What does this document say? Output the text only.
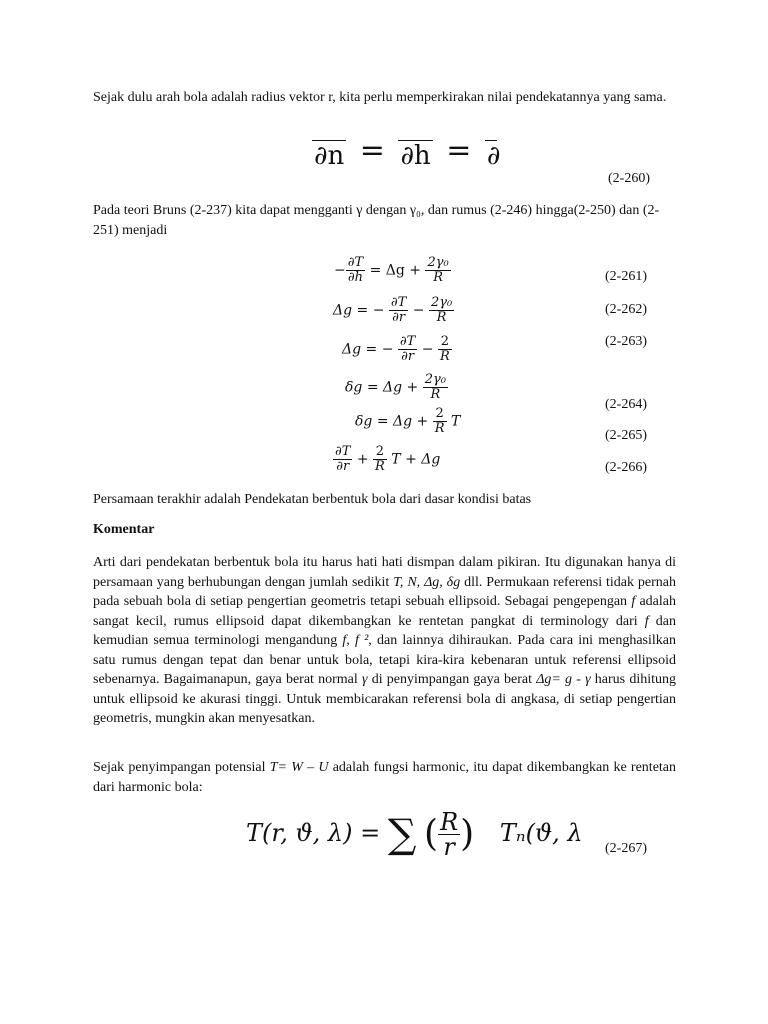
Sejak dulu arah bola adalah radius vektor r, kita perlu memperkirakan nilai pendekatannya yang sama.

∂n = ∂h = ∂
(2-260)

Pada teori Bruns (2-237) kita dapat mengganti γ dengan γ₀, dan rumus (2-246) hingga(2-250) dan (2-251) menjadi

− $\frac{\partial T}{\partial h} = \Delta g + \frac{\text{2γ₀}}{R}$	(2-261)
Δg = − $\frac{\partial T}{\partial r} - \frac{\text{2γ₀}}{R}$	(2-262)
Δg = − $\frac{\partial T}{\partial r} - \frac{2}{R}$	(2-263)
$\delta g = \Delta g + \frac{\text{2γ₀}}{R}$
(2-264)
$\delta g = \Delta g + \frac{2}{R}$ T
(2-265)
$\frac{\partial T}{\partial r} + \frac{2}{R}$ T + Δg	(2-266)

Persamaan terakhir adalah Pendekatan berbentuk bola dari dasar kondisi batas

Komentar

Arti dari pendekatan berbentuk bola itu harus hati hati dismpan dalam pikiran. Itu digunakan hanya di persamaan yang berhubungan dengan jumlah sedikit T, N, Δg, δg dll. Permukaan referensi tidak pernah pada sebuah bola di setiap pengertian geometris tetapi sebuah ellipsoid. Sebagai pengepengan f adalah sangat kecil, rumus ellipsoid dapat dikembangkan ke rentetan pangkat di terminology dari f dan kemudian semua terminologi mengandung f, f ², dan lainnya dihiraukan. Pada cara ini menghasilkan satu rumus dengan tepat dan benar untuk bola, tetapi kira-kira kebenaran untuk referensi ellipsoid sebenarnya. Bagaimanapun, gaya berat normal γ di penyimpangan gaya berat Δg= g - γ harus dihitung untuk ellipsoid ke akurasi tinggi. Untuk membicarakan referensi bola di angkasa, di setiap pengertian geometris, mungkin akan menyesatkan.

Sejak penyimpangan potensial T= W – U adalah fungsi harmonic, itu dapat dikembangkan ke rentetan dari harmonic bola:

T(r, ϑ, λ) = ∑ ( $\frac{R}{r}$ ) Tₙ(ϑ, λ
(2-267)
